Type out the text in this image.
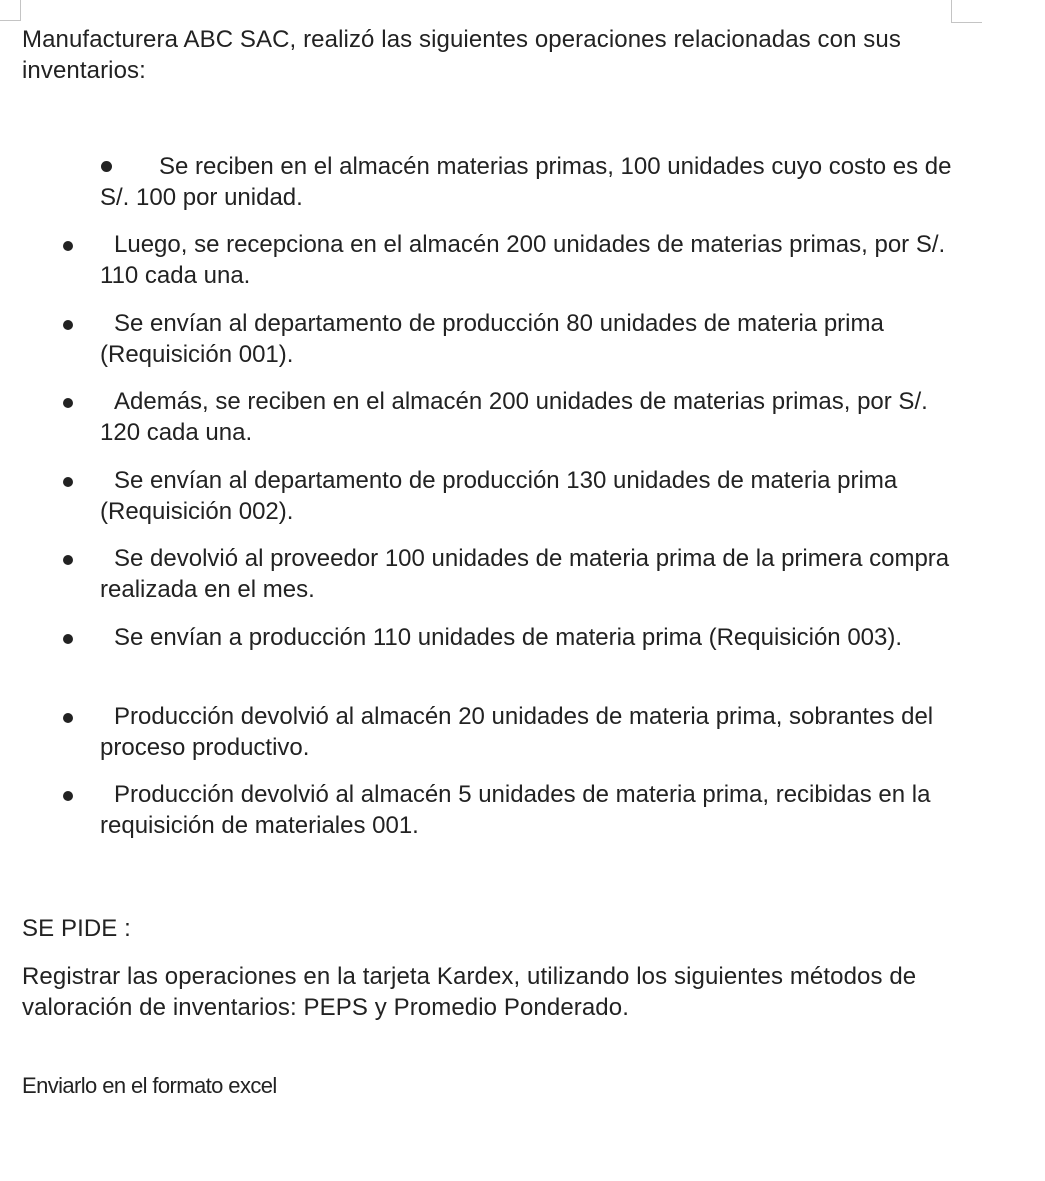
Manufacturera ABC SAC, realizó las siguientes operaciones relacionadas con sus inventarios:

Se reciben en el almacén materias primas, 100 unidades cuyo costo es de S/. 100 por unidad.
Luego, se recepciona en el almacén 200 unidades de materias primas, por S/. 110 cada una.
Se envían al departamento de producción 80 unidades de materia prima (Requisición 001).
Además, se reciben en el almacén 200 unidades de materias primas, por S/. 120 cada una.
Se envían al departamento de producción 130 unidades de materia prima (Requisición 002).
Se devolvió al proveedor 100 unidades de materia prima de la primera compra realizada en el mes.
Se envían a producción 110 unidades de materia prima (Requisición 003).
Producción devolvió al almacén 20 unidades de materia prima, sobrantes del proceso productivo.
Producción devolvió al almacén 5 unidades de materia prima, recibidas en la requisición de materiales 001.

SE PIDE :

Registrar las operaciones en la tarjeta Kardex, utilizando los siguientes métodos de valoración de inventarios: PEPS y Promedio Ponderado.

Enviarlo en el formato excel
